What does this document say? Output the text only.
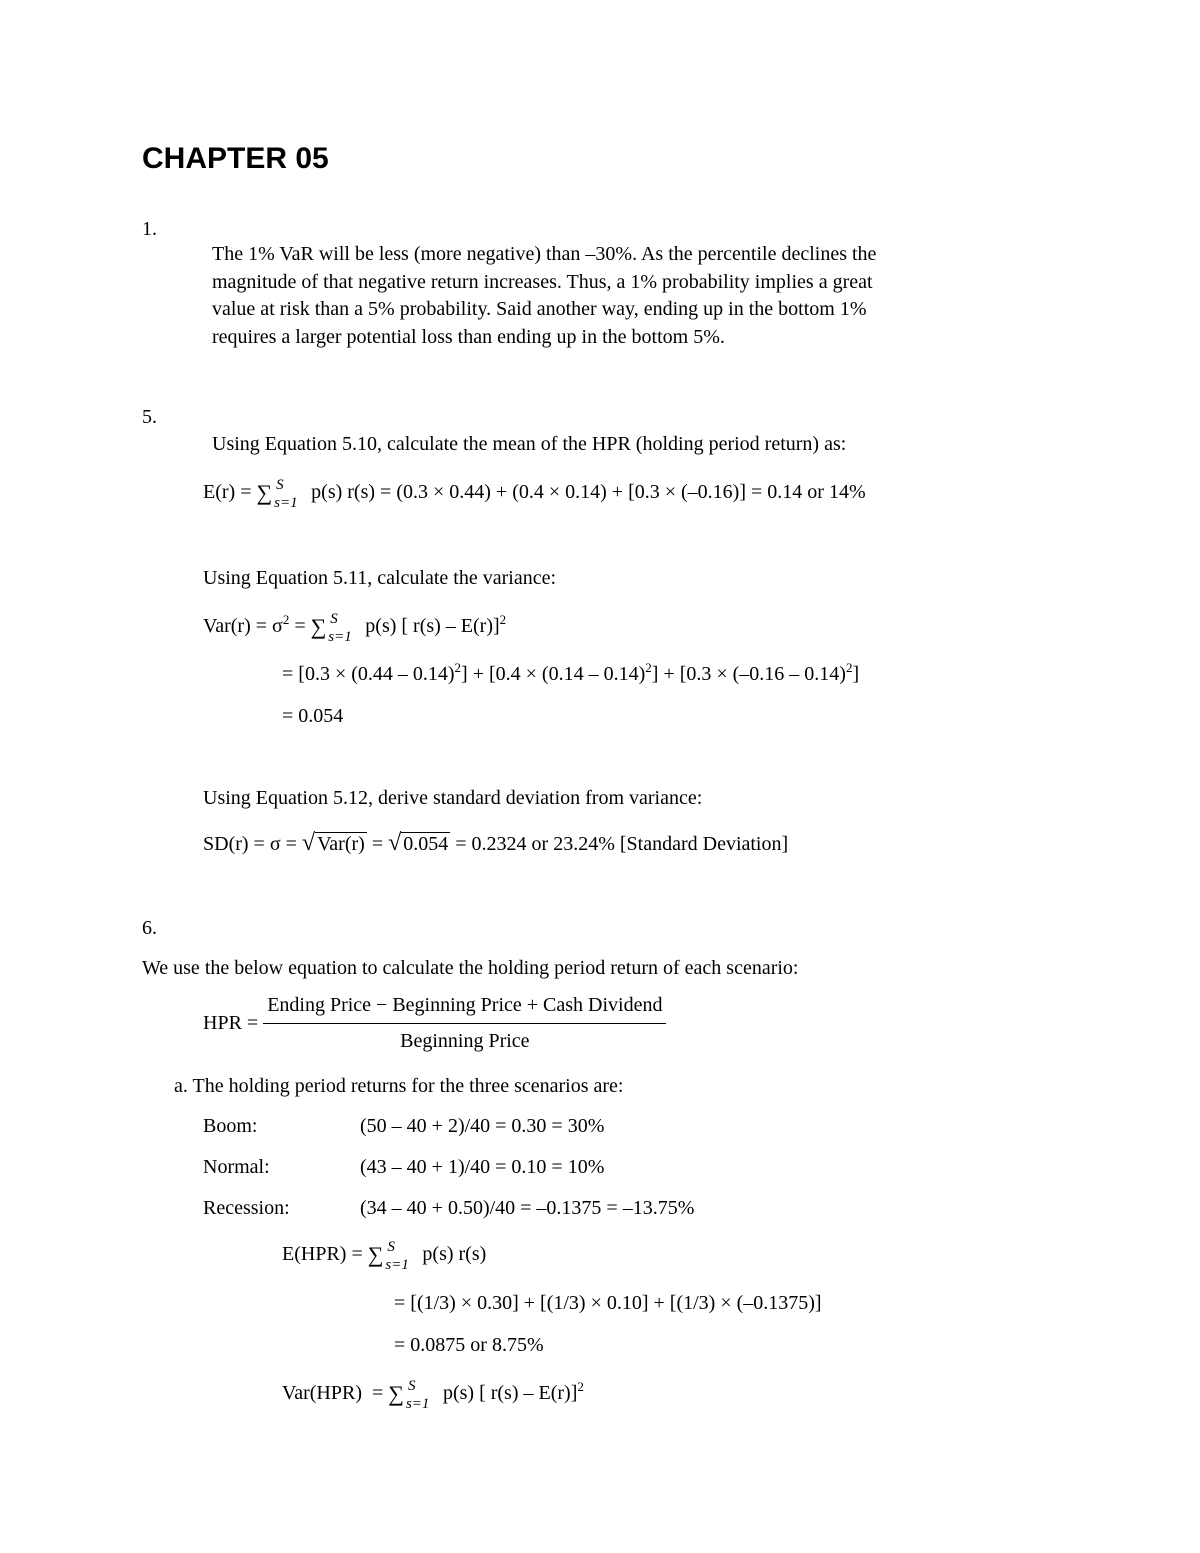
CHAPTER 05
1.
The 1% VaR will be less (more negative) than –30%. As the percentile declines the
magnitude of that negative return increases. Thus, a 1% probability implies a great
value at risk than a 5% probability. Said another way, ending up in the bottom 1%
requires a larger potential loss than ending up in the bottom 5%.
5.
Using Equation 5.10, calculate the mean of the HPR (holding period return) as:
E(r) = ∑ S
s=1 p(s) r(s) = (0.3 × 0.44) + (0.4 × 0.14) + [0.3 × (–0.16)] = 0.14 or 14%
Using Equation 5.11, calculate the variance:
$Var(r) = \sigma^2$ = ∑ S
s=1 p(s) [ r(s) – E(r)]$^2$
= [0.3 × (0.44 – 0.14)$^2$] + [0.4 × (0.14 – 0.14)$^2$] + [0.3 × (–0.16 – 0.14)$^2$]
= 0.054
Using Equation 5.12, derive standard deviation from variance:
SD(r) = σ = √ Var(r) = √ 0.054 = 0.2324 or 23.24% [Standard Deviation]
6.
We use the below equation to calculate the holding period return of each scenario:
HPR = $\frac{\text{Ending Price − Beginning Price + Cash Dividend}}{\text{Beginning Price}}$
a. The holding period returns for the three scenarios are:
Boom:	(50 – 40 + 2)/40 = 0.30 = 30%
Normal:	(43 – 40 + 1)/40 = 0.10 = 10%
Recession:	(34 – 40 + 0.50)/40 = –0.1375 = –13.75%
E(HPR) = ∑ S
s=1 p(s) r(s)
= [(1/3) × 0.30] + [(1/3) × 0.10] + [(1/3) × (–0.1375)]
= 0.0875 or 8.75%
Var(HPR)  = ∑ S
s=1 p(s) [ r(s) – E(r)]$^2$
